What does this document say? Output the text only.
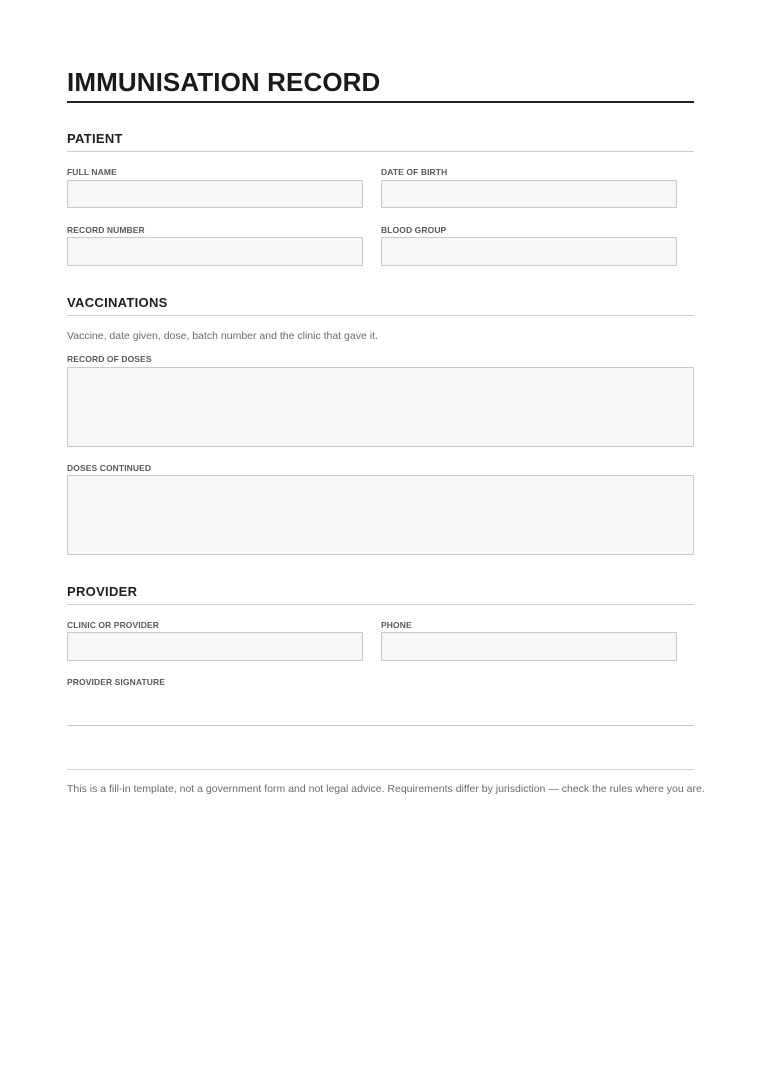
IMMUNISATION RECORD
PATIENT
FULL NAME	DATE OF BIRTH
RECORD NUMBER	BLOOD GROUP
VACCINATIONS
Vaccine, date given, dose, batch number and the clinic that gave it.
RECORD OF DOSES
DOSES CONTINUED
PROVIDER
CLINIC OR PROVIDER	PHONE
PROVIDER SIGNATURE
This is a fill-in template, not a government form and not legal advice. Requirements differ by jurisdiction — check the rules where you are.
